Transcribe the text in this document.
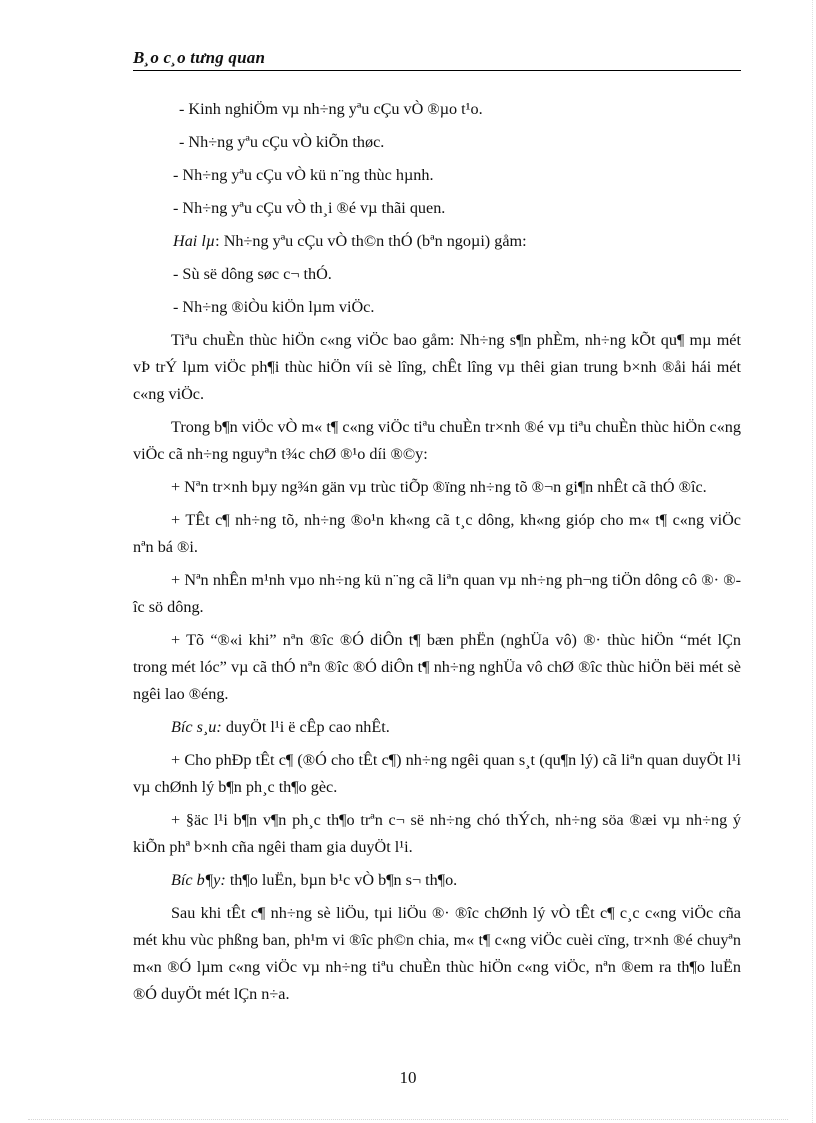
B¸o c¸o tưng quan

- Kinh nghiÖm vµ nh÷ng yªu cÇu vÒ ®µo t¹o.

- Nh÷ng yªu cÇu vÒ kiÕn thøc.

- Nh÷ng yªu cÇu vÒ kü n¨ng thùc hµnh.

- Nh÷ng yªu cÇu vÒ th¸i ®é vµ thãi quen.

Hai lµ: Nh÷ng yªu cÇu vÒ th©n thÓ (bªn ngoµi) gåm:

- Sù së dông søc c¬ thÓ.

- Nh÷ng ®iÒu kiÖn lµm viÖc.

Tiªu chuÈn thùc hiÖn c«ng viÖc bao gåm: Nh÷ng s¶n phÈm, nh÷ng kÕt qu¶ mµ mét vÞ trÝ lµm viÖc ph¶i thùc hiÖn víi sè lîng, chÊt lîng vµ thêi gian trung b×nh ®åi hái mét c«ng viÖc.

Trong b¶n viÖc vÒ m« t¶ c«ng viÖc tiªu chuÈn tr×nh ®é vµ tiªu chuÈn thùc hiÖn c«ng viÖc cã nh÷ng nguyªn t¾c chØ ®¹o díi ®©y:

+ Nªn tr×nh bµy ng¾n gän vµ trùc tiÕp ®ïng nh÷ng tõ ®¬n gi¶n nhÊt cã thÓ ®îc.

+ TÊt c¶ nh÷ng tõ, nh÷ng ®o¹n kh«ng cã t¸c dông, kh«ng gióp cho m« t¶ c«ng viÖc nªn bá ®i.

+ Nªn nhÊn m¹nh vµo nh÷ng kü n¨ng cã liªn quan vµ nh÷ng ph¬ng tiÖn dông cô ®· ®îc sö dông.

+ Tõ “®«i khi” nªn ®îc ®Ó diÔn t¶ bæn phËn (nghÜa vô) ®· thùc hiÖn “mét lÇn trong mét lóc” vµ cã thÓ nªn ®îc ®Ó diÔn t¶ nh÷ng nghÜa vô chØ ®îc thùc hiÖn bëi mét sè ngêi lao ®éng.

Bíc s¸u: duyÖt l¹i ë cÊp cao nhÊt.

+ Cho phÐp tÊt c¶ (®Ó cho tÊt c¶) nh÷ng ngêi quan s¸t (qu¶n lý) cã liªn quan duyÖt l¹i vµ chØnh lý b¶n ph¸c th¶o gèc.

+ §äc l¹i b¶n v¶n ph¸c th¶o trªn c¬ së nh÷ng chó thÝch, nh÷ng söa ®æi vµ nh÷ng ý kiÕn phª b×nh cña ngêi tham gia duyÖt l¹i.

Bíc b¶y: th¶o luËn, bµn b¹c vÒ b¶n s¬ th¶o.

Sau khi tÊt c¶ nh÷ng sè liÖu, tµi liÖu ®· ®îc chØnh lý vÒ tÊt c¶ c¸c c«ng viÖc cña mét khu vùc phßng ban, ph¹m vi ®îc ph©n chia, m« t¶ c«ng viÖc cuèi cïng, tr×nh ®é chuyªn m«n ®Ó lµm c«ng viÖc vµ nh÷ng tiªu chuÈn thùc hiÖn c«ng viÖc, nªn ®em ra th¶o luËn ®Ó duyÖt mét lÇn n÷a.

10
